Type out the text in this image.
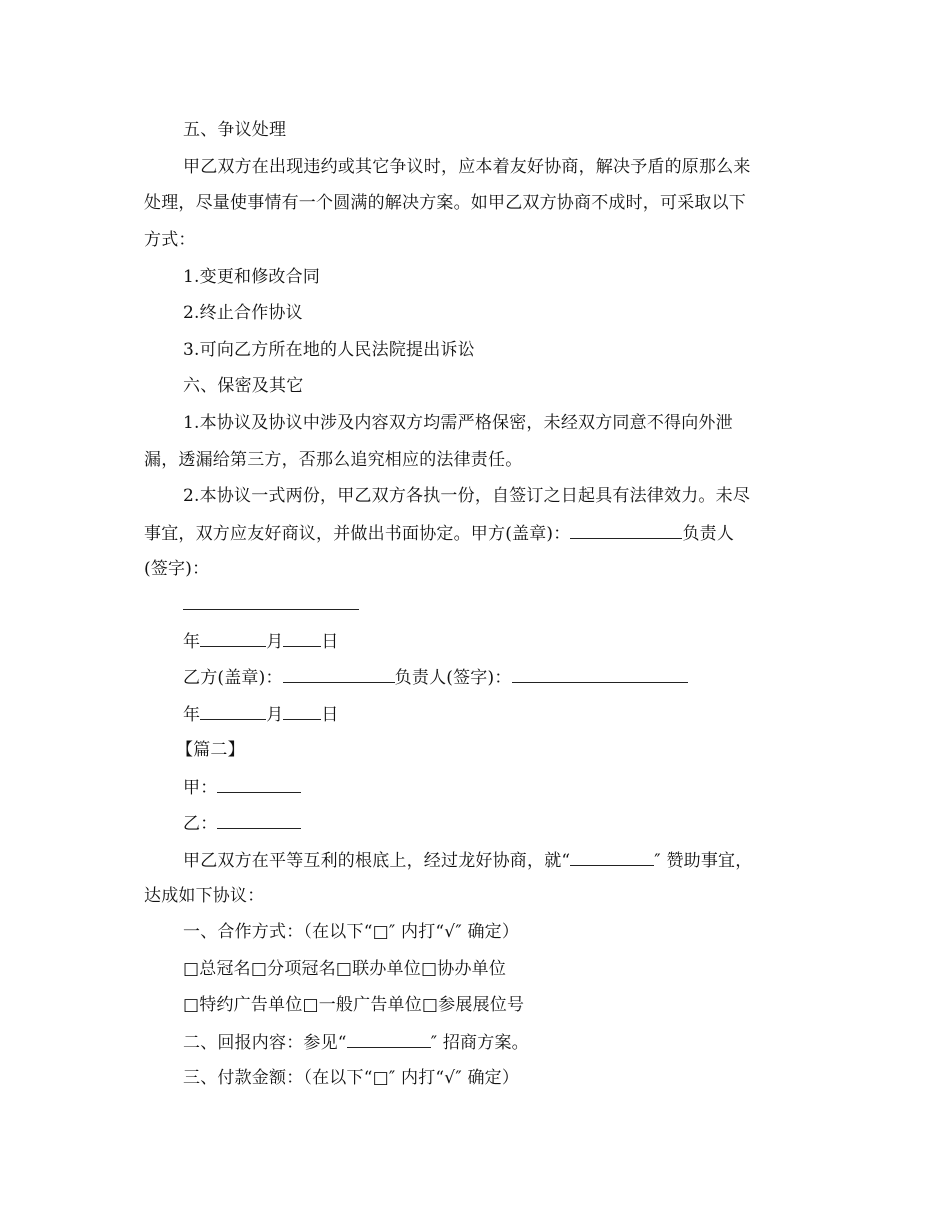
五、争议处理
甲乙双方在出现违约或其它争议时，应本着友好协商，解决予盾的原那么来
处理，尽量使事情有一个圆满的解决方案。如甲乙双方协商不成时，可采取以下
方式：
1.变更和修改合同
2.终止合作协议
3.可向乙方所在地的人民法院提出诉讼
六、保密及其它
1.本协议及协议中涉及内容双方均需严格保密，未经双方同意不得向外泄
漏，透漏给第三方，否那么追究相应的法律责任。
2.本协议一式两份，甲乙双方各执一份，自签订之日起具有法律效力。未尽
事宜，双方应友好商议，并做出书面协定。甲方(盖章)：	负责人
(签字)：
年	月 日
乙方(盖章)：	负责人(签字)：
年	月 日
【篇二】
甲：
乙：
甲乙双方在平等互利的根底上，经过龙好协商，就“	″ 赞助事宜，
达成如下协议：
一、合作方式：（在以下“□″ 内打“√″ 确定）
□总冠名□分项冠名□联办单位□协办单位
□特约广告单位□一般广告单位□参展展位号
二、回报内容：参见“	″ 招商方案。
三、付款金额：（在以下“□″ 内打“√″ 确定）
